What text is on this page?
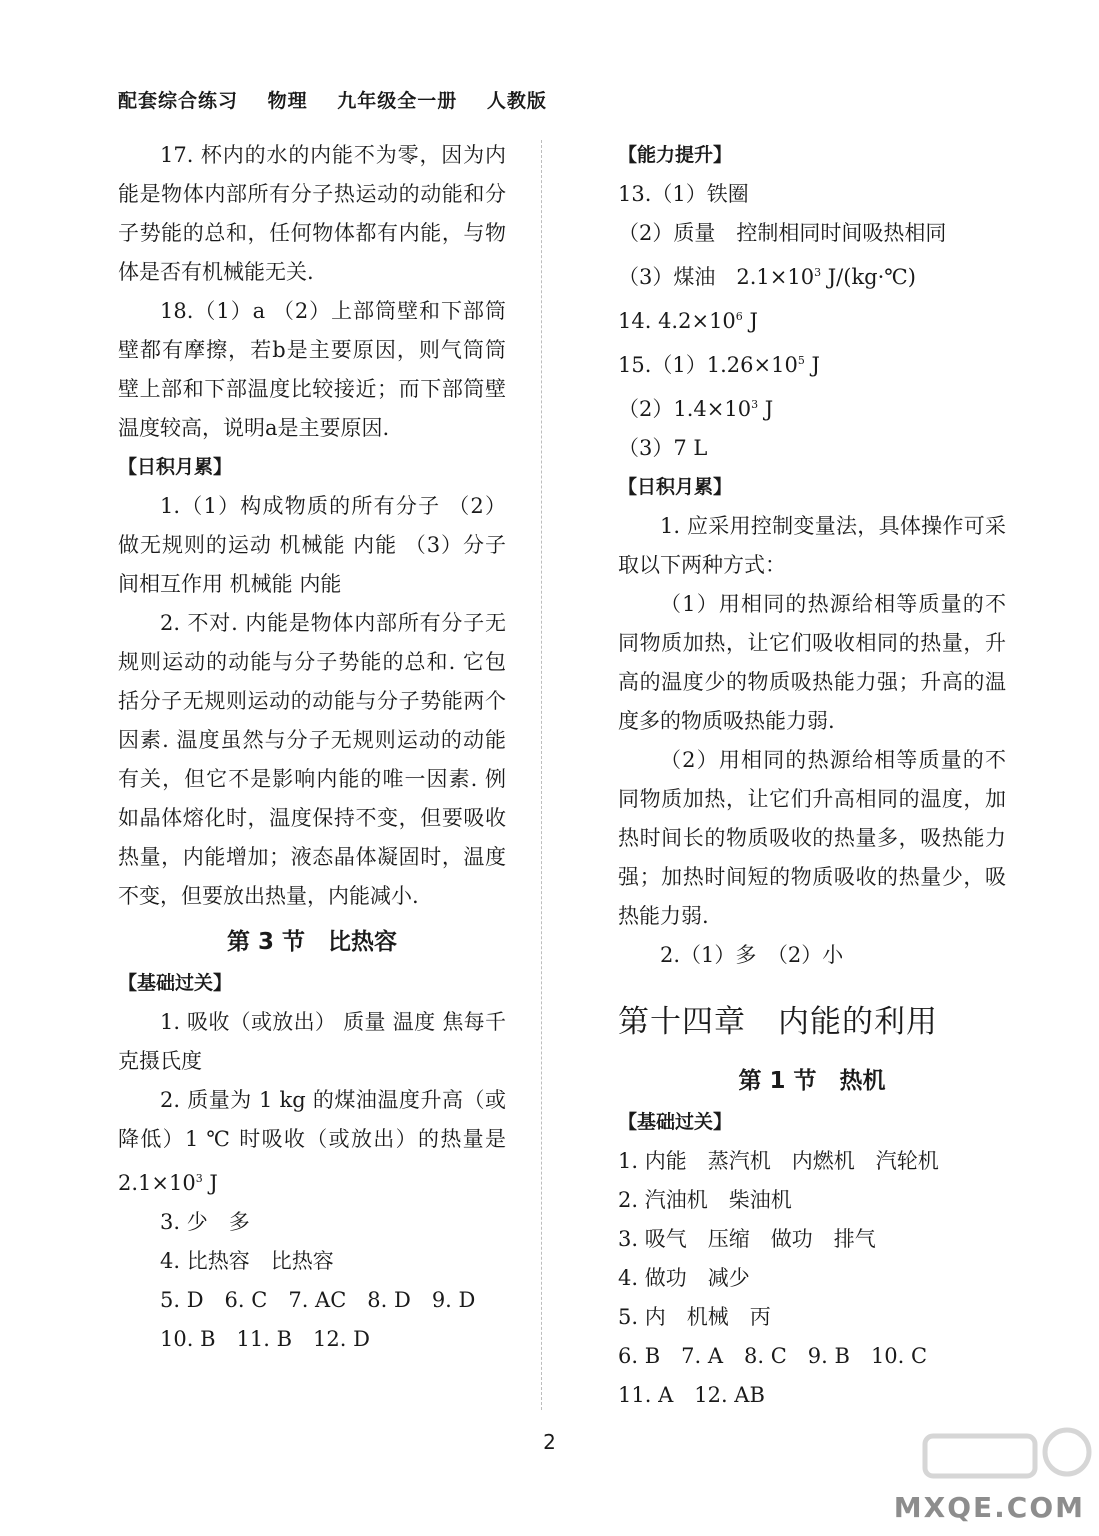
配套综合练习 物理 九年级全一册 人教版

17. 杯内的水的内能不为零，因为内能是物体内部所有分子热运动的动能和分子势能的总和，任何物体都有内能，与物体是否有机械能无关.

18.（1）a （2）上部筒壁和下部筒壁都有摩擦，若b是主要原因，则气筒筒壁上部和下部温度比较接近；而下部筒壁温度较高，说明a是主要原因.

【日积月累】

1.（1）构成物质的所有分子 （2）做无规则的运动 机械能 内能 （3）分子间相互作用 机械能 内能

2. 不对. 内能是物体内部所有分子无规则运动的动能与分子势能的总和. 它包括分子无规则运动的动能与分子势能两个因素. 温度虽然与分子无规则运动的动能有关，但它不是影响内能的唯一因素. 例如晶体熔化时，温度保持不变，但要吸收热量，内能增加；液态晶体凝固时，温度不变，但要放出热量，内能减小.

第 3 节　比热容

【基础过关】

1. 吸收（或放出） 质量 温度 焦每千克摄氏度

2. 质量为 1 kg 的煤油温度升高（或降低）1 ℃ 时吸收（或放出）的热量是 $2.1\times 10^3$ J

3. 少　多

4. 比热容　比热容

5. D　6. C　7. AC　8. D　9. D

10. B　11. B　12. D

【能力提升】

13.（1）铁圈

（2）质量　控制相同时间吸热相同

（3）煤油　$2.1\times 10^3$ J/(kg·℃)

14. $4.2\times 10^6$ J

$15.(1)1.26\times 10^5$ J

$(2)1.4\times 10^3$ J

（3）7 L

【日积月累】

1. 应采用控制变量法，具体操作可采取以下两种方式：

（1）用相同的热源给相等质量的不同物质加热，让它们吸收相同的热量，升高的温度少的物质吸热能力强；升高的温度多的物质吸热能力弱.

（2）用相同的热源给相等质量的不同物质加热，让它们升高相同的温度，加热时间长的物质吸收的热量多，吸热能力强；加热时间短的物质吸收的热量少，吸热能力弱.

2.（1）多　（2）小

第十四章　内能的利用
第 1 节　热机

【基础过关】

1. 内能　蒸汽机　内燃机　汽轮机

2. 汽油机　柴油机

3. 吸气　压缩　做功　排气

4. 做功　减少

5. 内　机械　丙

6. B　7. A　8. C　9. B　10. C

11. A　12. AB

2
MXQE.COM
